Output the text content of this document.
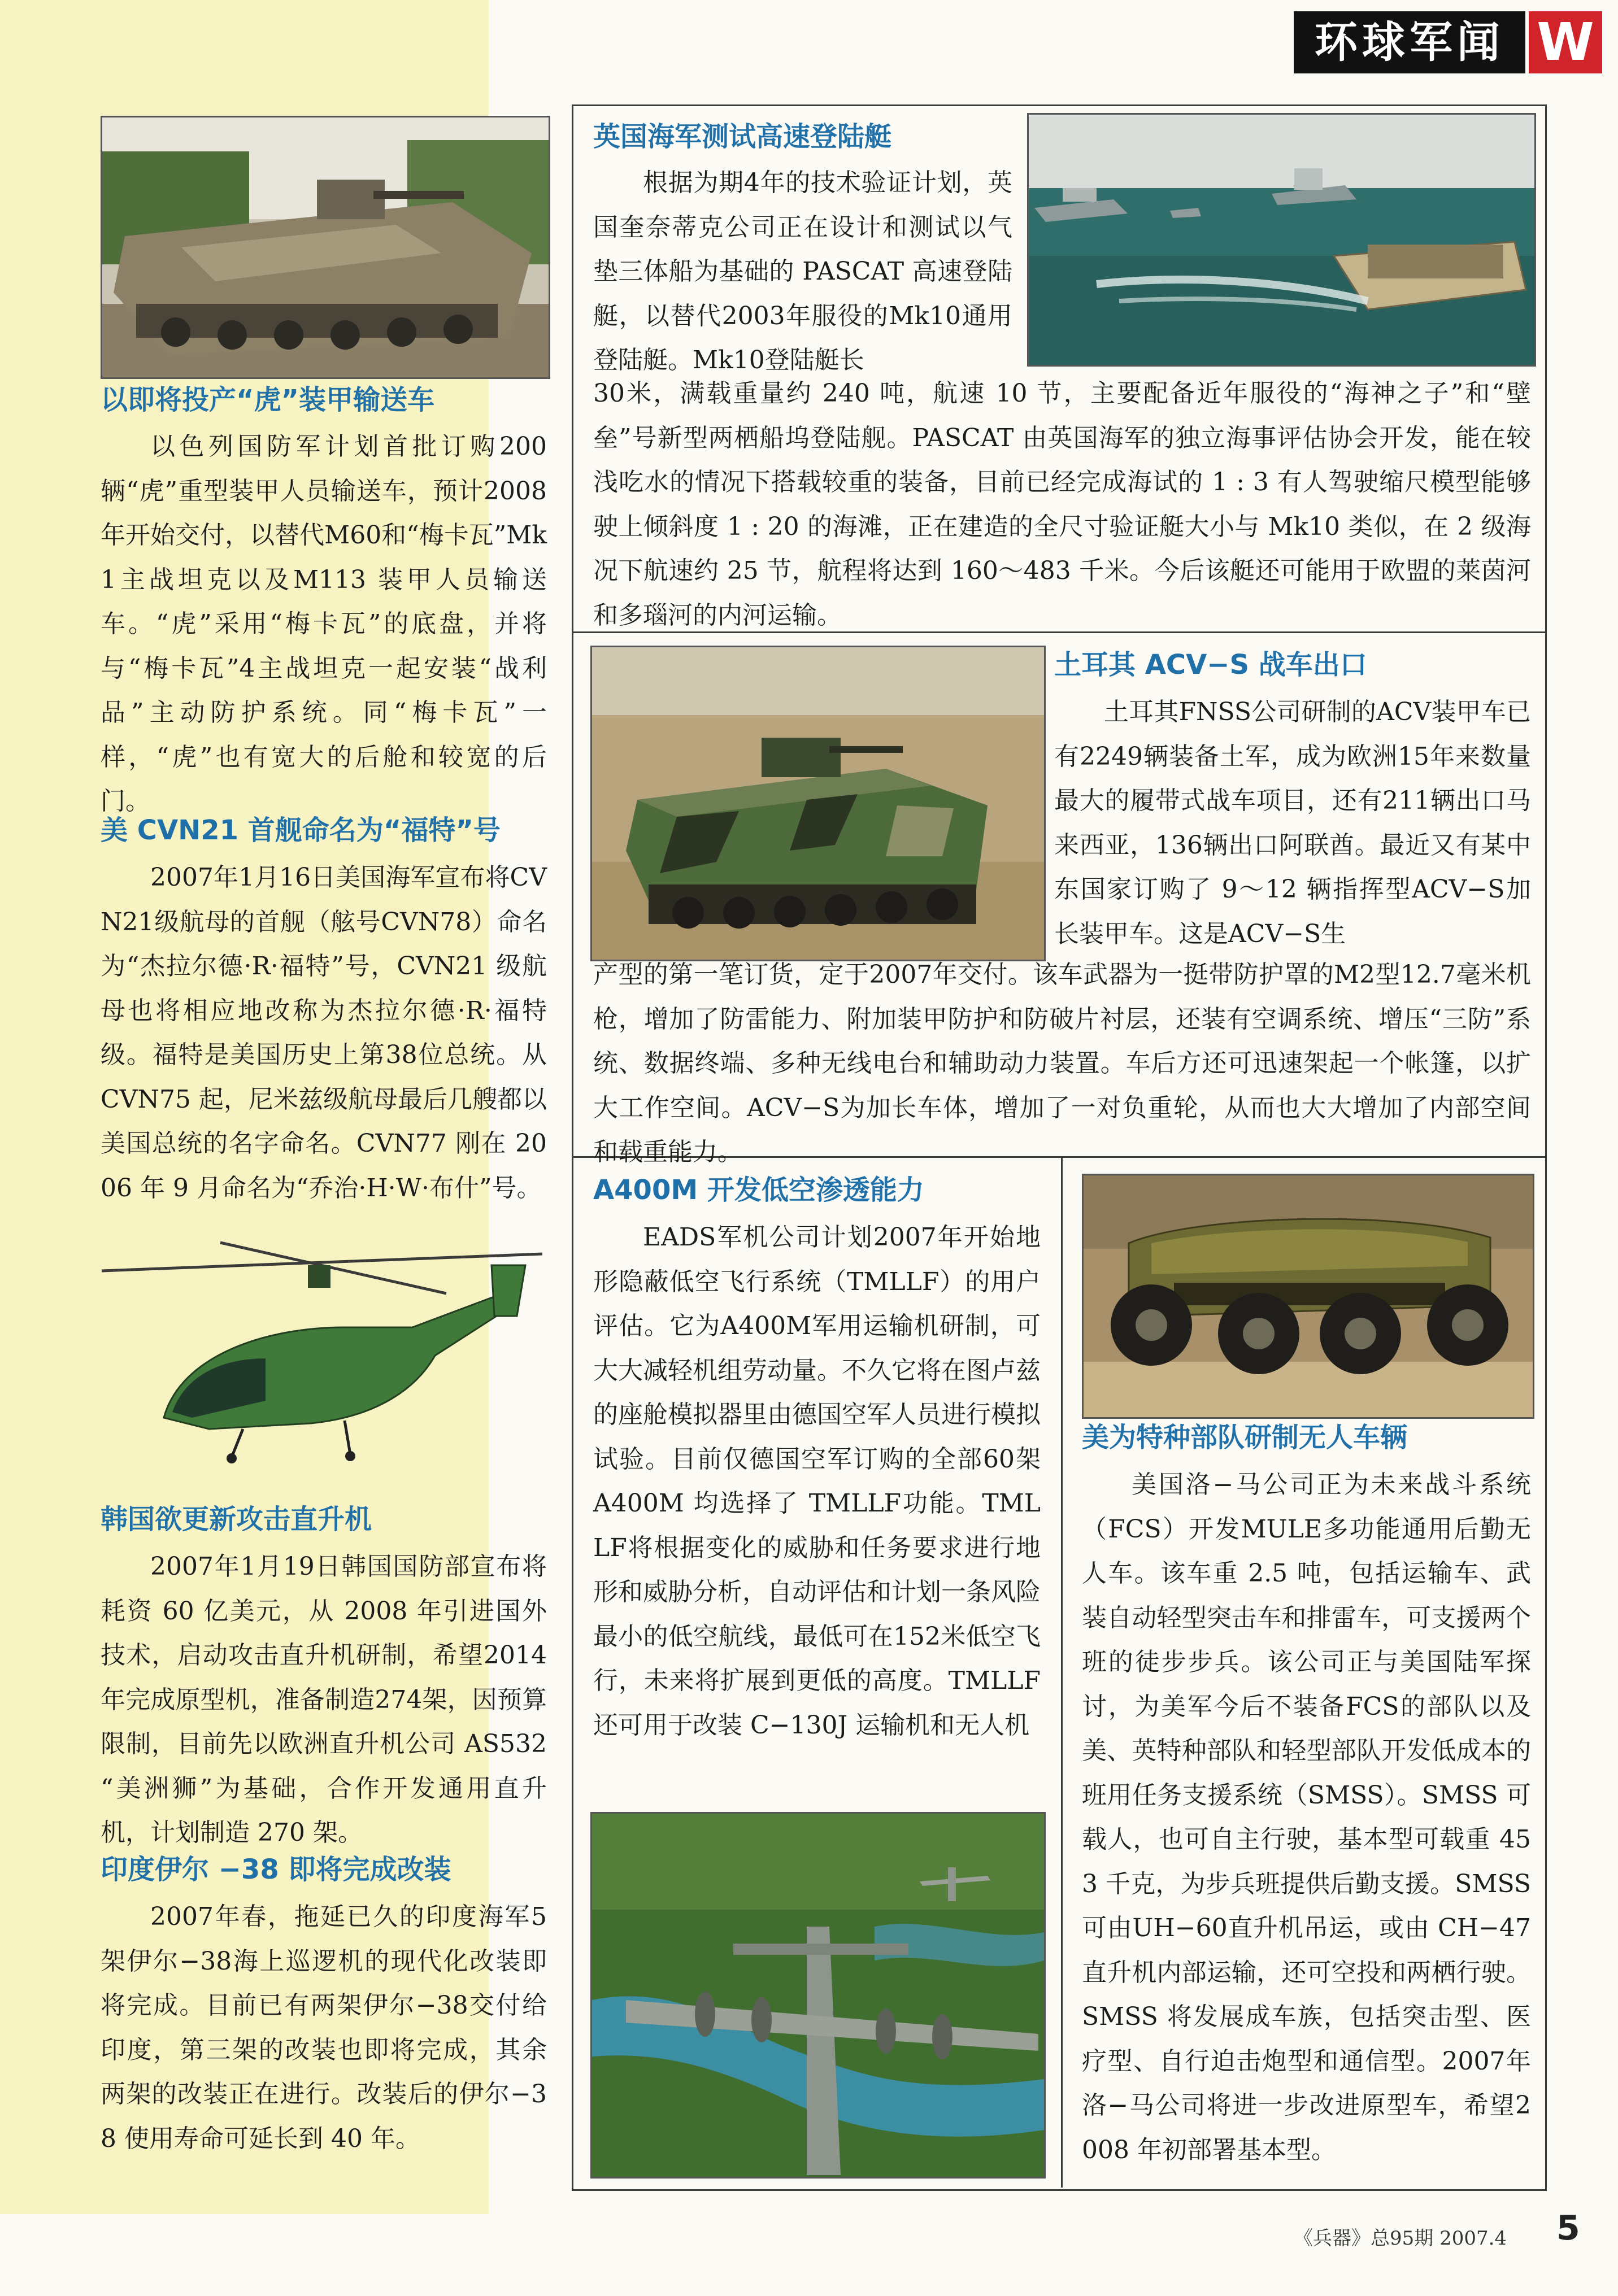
环球军闻 W
以即将投产“虎”装甲输送车
以色列国防军计划首批订购200辆“虎”重型装甲人员输送车，预计2008年开始交付，以替代M60和“梅卡瓦”Mk1主战坦克以及M113 装甲人员输送车。“虎”采用“梅卡瓦”的底盘，并将与“梅卡瓦”4主战坦克一起安装“战利品”主动防护系统。同“梅卡瓦”一样，“虎”也有宽大的后舱和较宽的后门。
美 CVN21 首舰命名为“福特”号
2007年1月16日美国海军宣布将CVN21级航母的首舰（舷号CVN78）命名为“杰拉尔德·R·福特”号，CVN21 级航母也将相应地改称为杰拉尔德·R·福特级。福特是美国历史上第38位总统。从 CVN75 起，尼米兹级航母最后几艘都以美国总统的名字命名。CVN77 刚在 2006 年 9 月命名为“乔治·H·W·布什”号。
韩国欲更新攻击直升机
2007年1月19日韩国国防部宣布将耗资 60 亿美元，从 2008 年引进国外技术，启动攻击直升机研制，希望2014年完成原型机，准备制造274架，因预算限制，目前先以欧洲直升机公司 AS532 “美洲狮”为基础，合作开发通用直升机，计划制造 270 架。
印度伊尔 −38 即将完成改装
2007年春，拖延已久的印度海军5架伊尔−38海上巡逻机的现代化改装即将完成。目前已有两架伊尔−38交付给印度，第三架的改装也即将完成，其余两架的改装正在进行。改装后的伊尔−38 使用寿命可延长到 40 年。
英国海军测试高速登陆艇
根据为期4年的技术验证计划，英国奎奈蒂克公司正在设计和测试以气垫三体船为基础的 PASCAT 高速登陆艇，以替代2003年服役的Mk10通用登陆艇。Mk10登陆艇长
30米，满载重量约 240 吨，航速 10 节，主要配备近年服役的“海神之子”和“壁垒”号新型两栖船坞登陆舰。PASCAT 由英国海军的独立海事评估协会开发，能在较浅吃水的情况下搭载较重的装备，目前已经完成海试的 1 : 3 有人驾驶缩尺模型能够驶上倾斜度 1 : 20 的海滩，正在建造的全尺寸验证艇大小与 Mk10 类似，在 2 级海况下航速约 25 节，航程将达到 160～483 千米。今后该艇还可能用于欧盟的莱茵河和多瑙河的内河运输。
土耳其 ACV−S 战车出口
土耳其FNSS公司研制的ACV装甲车已有2249辆装备土军，成为欧洲15年来数量最大的履带式战车项目，还有211辆出口马来西亚，136辆出口阿联酋。最近又有某中东国家订购了 9～12 辆指挥型ACV−S加长装甲车。这是ACV−S生
产型的第一笔订货，定于2007年交付。该车武器为一挺带防护罩的M2型12.7毫米机枪，增加了防雷能力、附加装甲防护和防破片衬层，还装有空调系统、增压“三防”系统、数据终端、多种无线电台和辅助动力装置。车后方还可迅速架起一个帐篷，以扩大工作空间。ACV−S为加长车体，增加了一对负重轮，从而也大大增加了内部空间和载重能力。
A400M 开发低空渗透能力
EADS军机公司计划2007年开始地形隐蔽低空飞行系统（TMLLF）的用户评估。它为A400M军用运输机研制，可大大减轻机组劳动量。不久它将在图卢兹的座舱模拟器里由德国空军人员进行模拟试验。目前仅德国空军订购的全部60架 A400M 均选择了 TMLLF功能。TMLLF将根据变化的威胁和任务要求进行地形和威胁分析，自动评估和计划一条风险最小的低空航线，最低可在152米低空飞行，未来将扩展到更低的高度。TMLLF还可用于改装 C−130J 运输机和无人机
美为特种部队研制无人车辆
美国洛−马公司正为未来战斗系统（FCS）开发MULE多功能通用后勤无人车。该车重 2.5 吨，包括运输车、武装自动轻型突击车和排雷车，可支援两个班的徒步步兵。该公司正与美国陆军探讨，为美军今后不装备FCS的部队以及美、英特种部队和轻型部队开发低成本的班用任务支援系统（SMSS）。SMSS 可载人，也可自主行驶，基本型可载重 453 千克，为步兵班提供后勤支援。SMSS 可由UH−60直升机吊运，或由 CH−47直升机内部运输，还可空投和两栖行驶。SMSS 将发展成车族，包括突击型、医疗型、自行迫击炮型和通信型。2007年洛−马公司将进一步改进原型车，希望2008 年初部署基本型。
《兵器》总95期 2007.4 5
